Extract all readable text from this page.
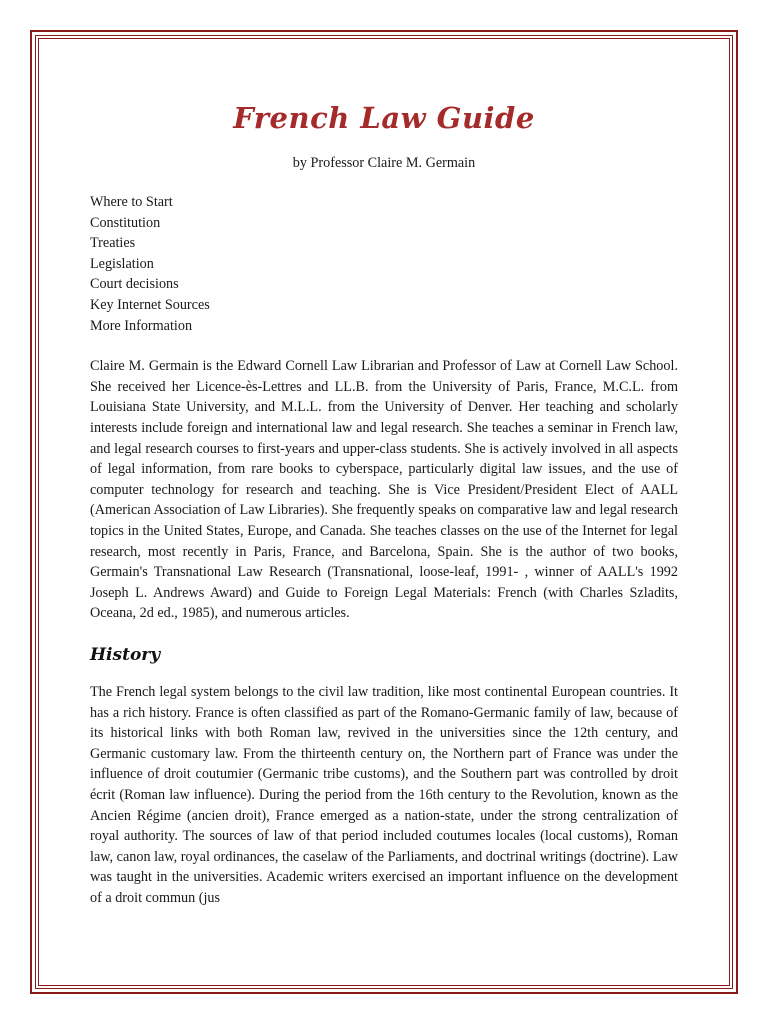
French Law Guide
by Professor Claire M. Germain
Where to Start
Constitution
Treaties
Legislation
Court decisions
Key Internet Sources
More Information

Claire M. Germain is the Edward Cornell Law Librarian and Professor of Law at Cornell Law School. She received her Licence-ès-Lettres and LL.B. from the University of Paris, France, M.C.L. from Louisiana State University, and M.L.L. from the University of Denver. Her teaching and scholarly interests include foreign and international law and legal research. She teaches a seminar in French law, and legal research courses to first-years and upper-class students. She is actively involved in all aspects of legal information, from rare books to cyberspace, particularly digital law issues, and the use of computer technology for research and teaching. She is Vice President/President Elect of AALL (American Association of Law Libraries). She frequently speaks on comparative law and legal research topics in the United States, Europe, and Canada. She teaches classes on the use of the Internet for legal research, most recently in Paris, France, and Barcelona, Spain. She is the author of two books, Germain's Transnational Law Research (Transnational, loose-leaf, 1991- , winner of AALL's 1992 Joseph L. Andrews Award) and Guide to Foreign Legal Materials: French (with Charles Szladits, Oceana, 2d ed., 1985), and numerous articles.

History

The French legal system belongs to the civil law tradition, like most continental European countries. It has a rich history. France is often classified as part of the Romano-Germanic family of law, because of its historical links with both Roman law, revived in the universities since the 12th century, and Germanic customary law. From the thirteenth century on, the Northern part of France was under the influence of droit coutumier (Germanic tribe customs), and the Southern part was controlled by droit écrit (Roman law influence). During the period from the 16th century to the Revolution, known as the Ancien Régime (ancien droit), France emerged as a nation-state, under the strong centralization of royal authority. The sources of law of that period included coutumes locales (local customs), Roman law, canon law, royal ordinances, the caselaw of the Parliaments, and doctrinal writings (doctrine). Law was taught in the universities. Academic writers exercised an important influence on the development of a droit commun (jus
